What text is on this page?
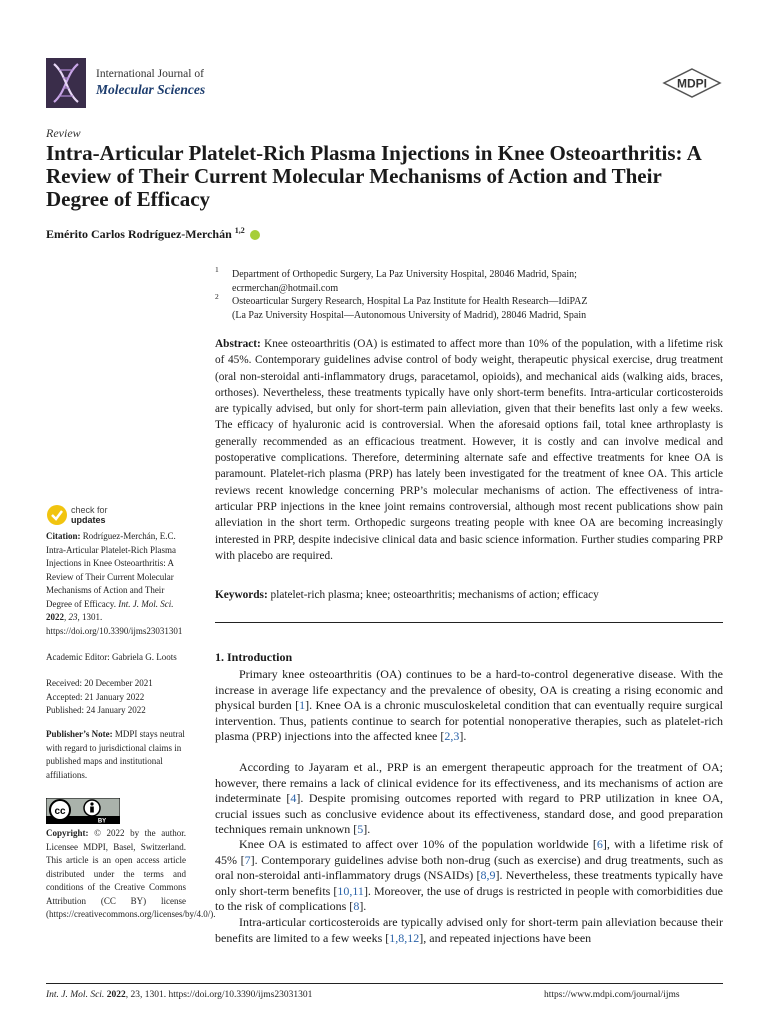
International Journal of
Molecular Sciences	MDPI
Review
Intra-Articular Platelet-Rich Plasma Injections in Knee Osteoarthritis: A Review of Their Current Molecular Mechanisms of Action and Their Degree of Efficacy
Emérito Carlos Rodríguez-Merchán $^{1,2}$
1 Department of Orthopedic Surgery, La Paz University Hospital, 28046 Madrid, Spain;
ecrmerchan@hotmail.com
2 Osteoarticular Surgery Research, Hospital La Paz Institute for Health Research—IdiPAZ
(La Paz University Hospital—Autonomous University of Madrid), 28046 Madrid, Spain
Abstract: Knee osteoarthritis (OA) is estimated to affect more than 10% of the population, with a lifetime risk of 45%. Contemporary guidelines advise control of body weight, therapeutic physical exercise, drug treatment (oral non-steroidal anti-inflammatory drugs, paracetamol, opioids), and mechanical aids (walking aids, braces, orthoses). Nevertheless, these treatments typically have only short-term benefits. Intra-articular corticosteroids are typically advised, but only for short-term pain alleviation, given that their benefits last only a few weeks. The efficacy of hyaluronic acid is controversial. When the aforesaid options fail, total knee arthroplasty is generally recommended as an efficacious treatment. However, it is costly and can involve medical and postoperative complications. Therefore, determining alternate safe and effective treatments for knee OA is paramount. Platelet-rich plasma (PRP) has lately been investigated for the treatment of knee OA. This article reviews recent knowledge concerning PRP’s molecular mechanisms of action. The effectiveness of intra-articular PRP injections in the knee joint remains controversial, although most recent publications show pain alleviation in the short term. Orthopedic surgeons treating people with knee OA are becoming increasingly interested in PRP, despite indecisive clinical data and basic science information. Further studies comparing PRP with placebo are required.
Keywords: platelet-rich plasma; knee; osteoarthritis; mechanisms of action; efficacy
check for
updates
Citation: Rodríguez-Merchán, E.C. Intra-Articular Platelet-Rich Plasma Injections in Knee Osteoarthritis: A Review of Their Current Molecular Mechanisms of Action and Their Degree of Efficacy. Int. J. Mol. Sci. 2022, 23, 1301. https://doi.org/10.3390/ijms23031301
Academic Editor: Gabriela G. Loots
Received: 20 December 2021
Accepted: 21 January 2022
Published: 24 January 2022
Publisher’s Note: MDPI stays neutral with regard to jurisdictional claims in published maps and institutional affiliations.
cc
BY
Copyright: © 2022 by the author. Licensee MDPI, Basel, Switzerland. This article is an open access article distributed under the terms and conditions of the Creative Commons Attribution (CC BY) license (https://creativecommons.org/licenses/by/4.0/).
1. Introduction
Primary knee osteoarthritis (OA) continues to be a hard-to-control degenerative disease. With the increase in average life expectancy and the prevalence of obesity, OA is creating a rising economic and physical burden [1]. Knee OA is a chronic musculoskeletal condition that can eventually require surgical intervention. Thus, patients continue to search for potential nonoperative therapies, such as platelet-rich plasma (PRP) injections into the affected knee [2,3].
According to Jayaram et al., PRP is an emergent therapeutic approach for the treatment of OA; however, there remains a lack of clinical evidence for its effectiveness, and its mechanisms of action are indeterminate [4]. Despite promising outcomes reported with regard to PRP utilization in knee OA, crucial issues such as conclusive evidence about its effectiveness, standard dose, and good preparation techniques remain unknown [5].
Knee OA is estimated to affect over 10% of the population worldwide [6], with a lifetime risk of 45% [7]. Contemporary guidelines advise both non-drug (such as exercise) and drug treatments, such as oral non-steroidal anti-inflammatory drugs (NSAIDs) [8,9]. Nevertheless, these treatments typically have only short-term benefits [10,11]. Moreover, the use of drugs is restricted in people with comorbidities due to the risk of complications [8].
Intra-articular corticosteroids are typically advised only for short-term pain alleviation because their benefits are limited to a few weeks [1,8,12], and repeated injections have been
Int. J. Mol. Sci. 2022, 23, 1301. https://doi.org/10.3390/ijms23031301	https://www.mdpi.com/journal/ijms
